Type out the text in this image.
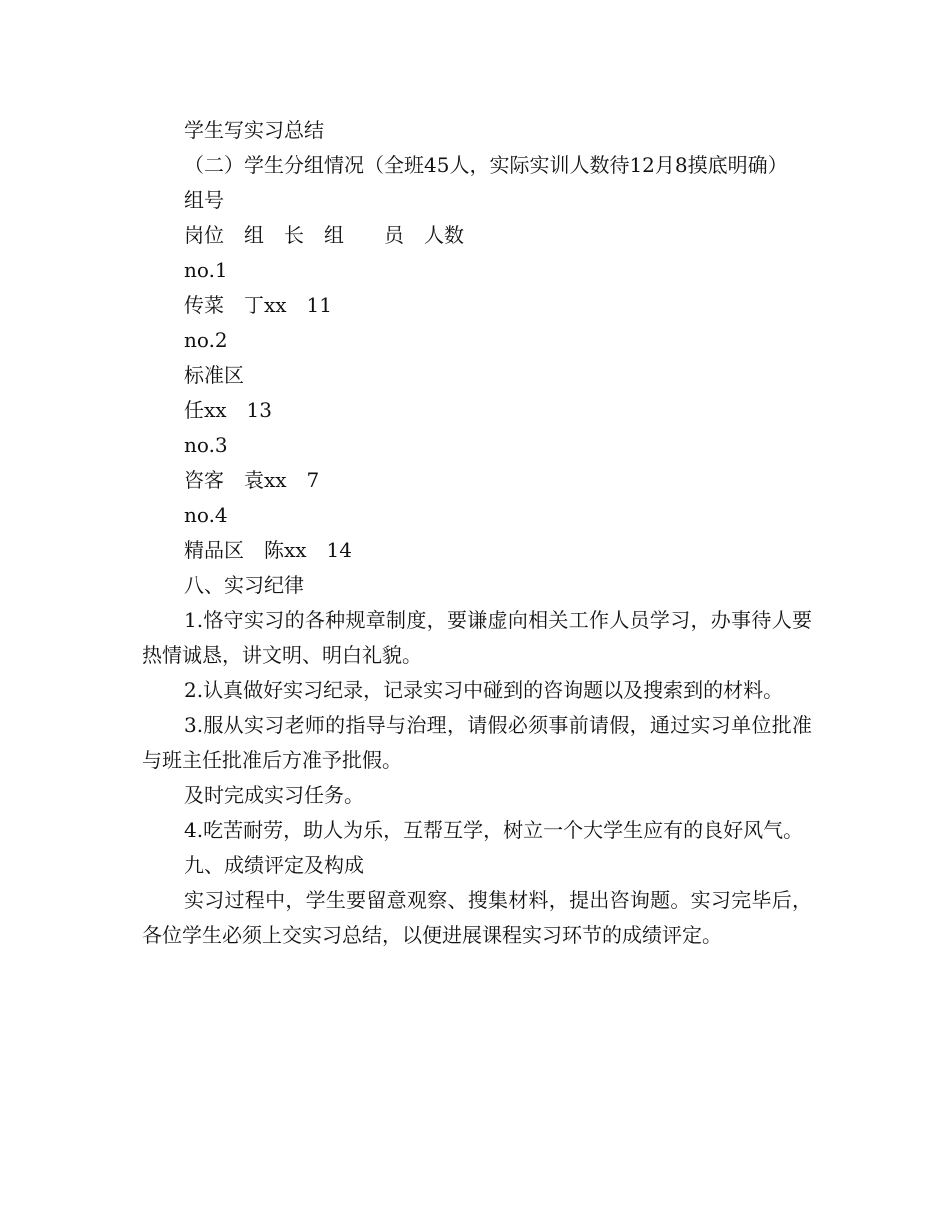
学生写实习总结

（二）学生分组情况（全班45人，实际实训人数待12月8摸底明确）

组号

岗位　组　长　组　　员　人数

no.1

传菜　丁xx　11

no.2

标准区

任xx　13

no.3

咨客　袁xx　7

no.4

精品区　陈xx　14

八、实习纪律

1.恪守实习的各种规章制度，要谦虚向相关工作人员学习，办事待人要热情诚恳，讲文明、明白礼貌。

2.认真做好实习纪录，记录实习中碰到的咨询题以及搜索到的材料。

3.服从实习老师的指导与治理，请假必须事前请假，通过实习单位批准与班主任批准后方准予批假。

及时完成实习任务。

4.吃苦耐劳，助人为乐，互帮互学，树立一个大学生应有的良好风气。

九、成绩评定及构成

实习过程中，学生要留意观察、搜集材料，提出咨询题。实习完毕后，各位学生必须上交实习总结，以便进展课程实习环节的成绩评定。
